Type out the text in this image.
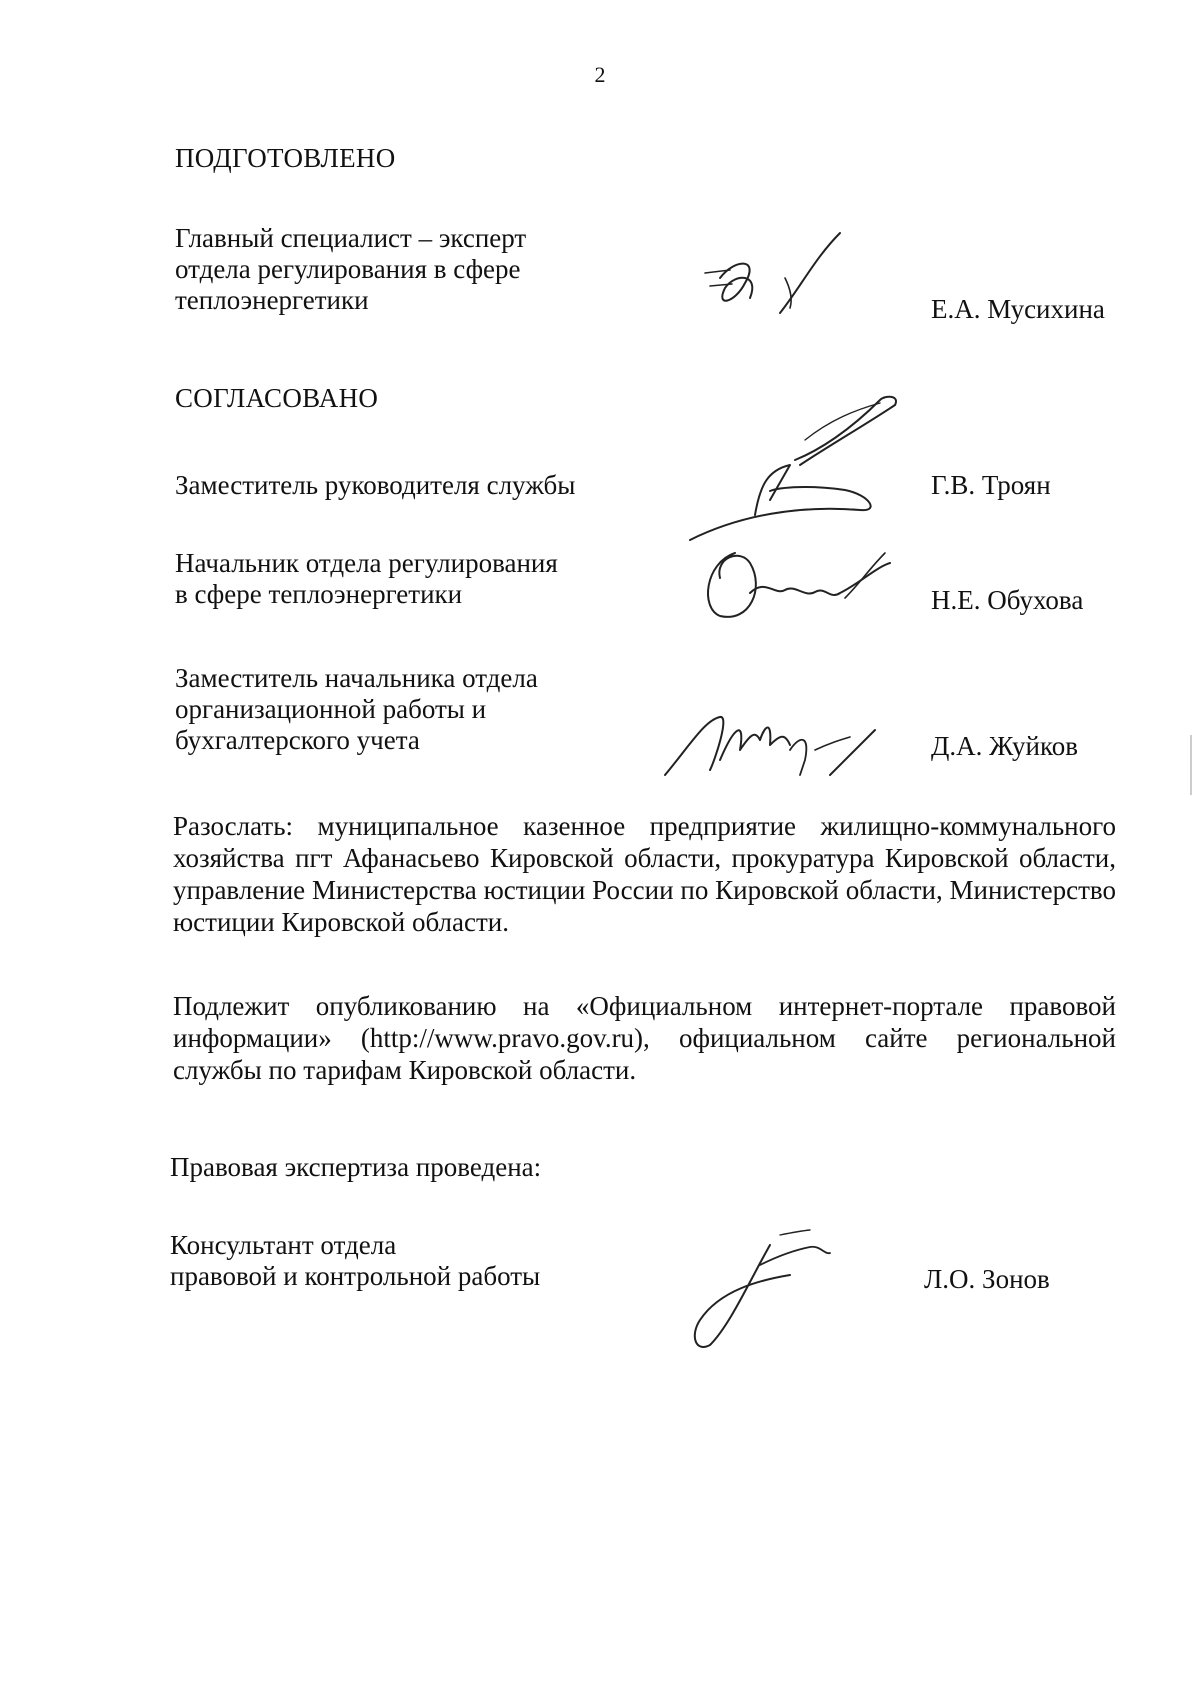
2
ПОДГОТОВЛЕНО
Главный специалист – эксперт
отдела регулирования в сфере
теплоэнергетики	Е.А. Мусихина
СОГЛАСОВАНО
Заместитель руководителя службы	Г.В. Троян
Начальник отдела регулирования
в сфере теплоэнергетики	Н.Е. Обухова
Заместитель начальника отдела
организационной работы и
бухгалтерского учета	Д.А. Жуйков
Разослать: муниципальное казенное предприятие жилищно-коммунального хозяйства пгт Афанасьево Кировской области, прокуратура Кировской области, управление Министерства юстиции России по Кировской области, Министерство юстиции Кировской области.
Подлежит опубликованию на «Официальном интернет-портале правовой информации» (http://www.pravo.gov.ru), официальном сайте региональной службы по тарифам Кировской области.
Правовая экспертиза проведена:
Консультант отдела
правовой и контрольной работы	Л.О. Зонов
